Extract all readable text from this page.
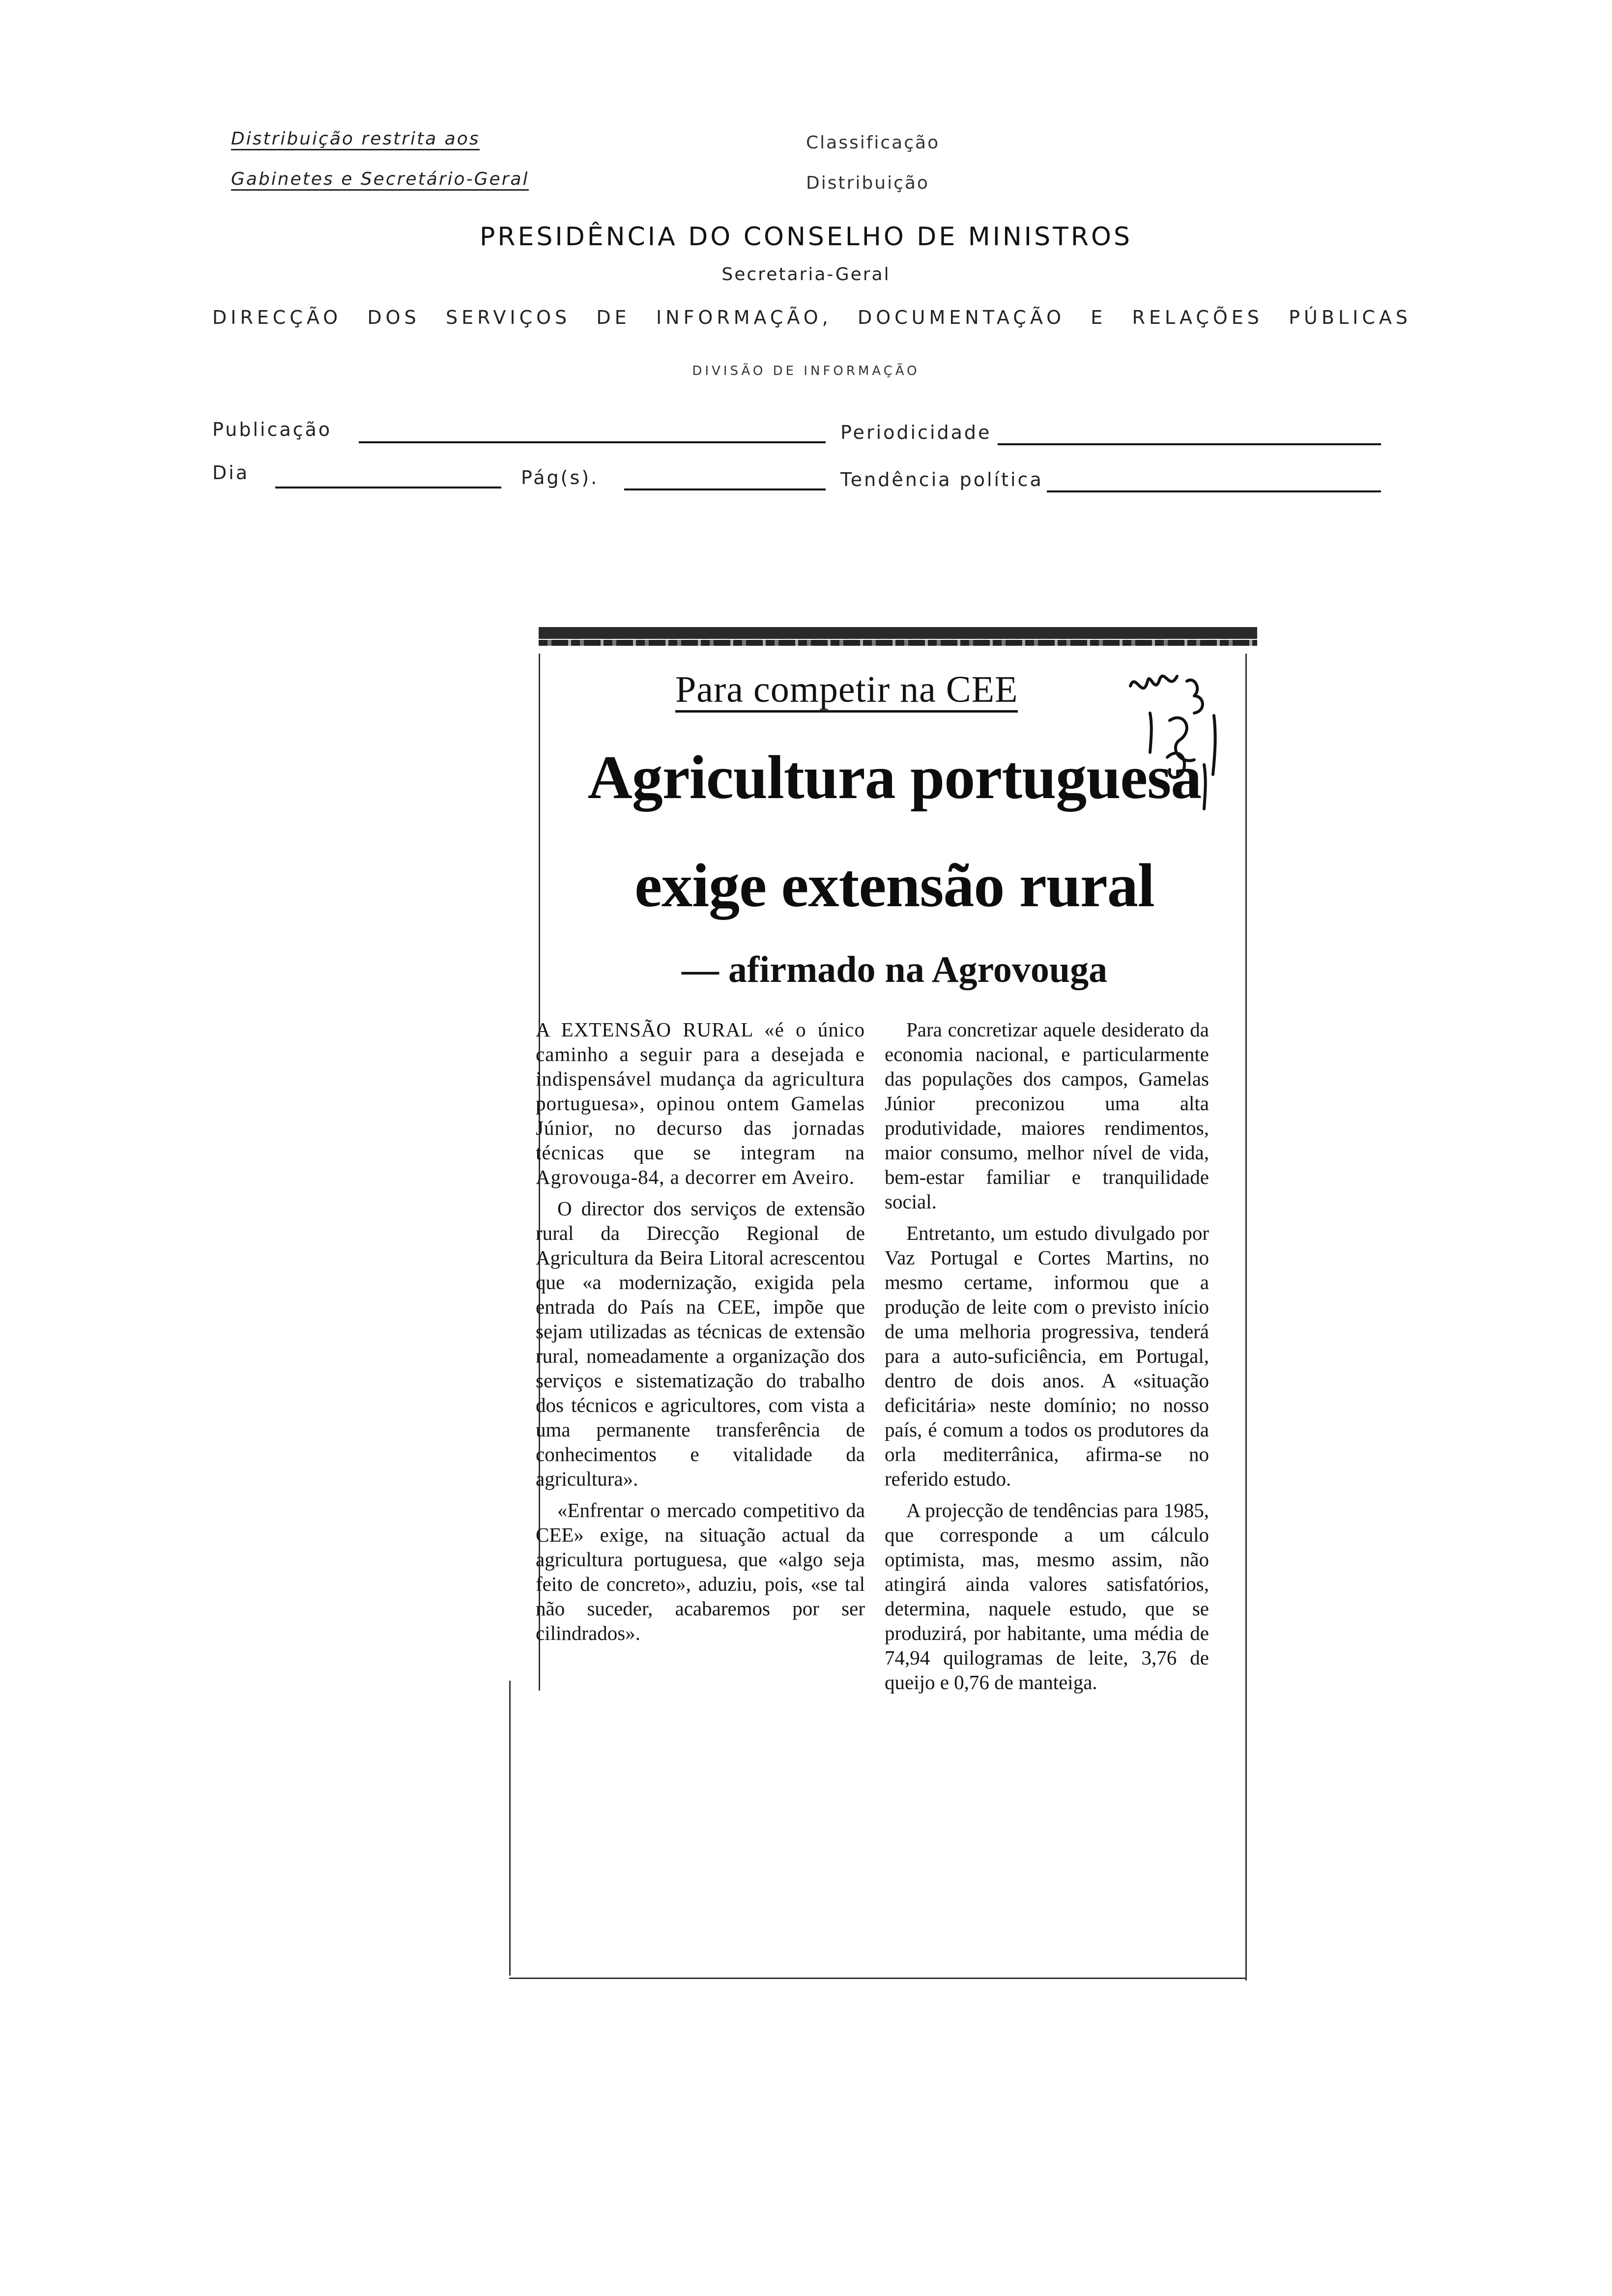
Distribuição restrita aos
Gabinetes e Secretário-Geral
Classificação
Distribuição
PRESIDÊNCIA DO CONSELHO DE MINISTROS
Secretaria-Geral
DIRECÇÃO DOS SERVIÇOS DE INFORMAÇÃO, DOCUMENTAÇÃO E RELAÇÕES PÚBLICAS
DIVISÃO DE INFORMAÇÃO
Publicação	Periodicidade
Dia	Pág(s).	Tendência política
Para competir na CEE
Agricultura portuguesa
exige extensão rural
— afirmado na Agrovouga

A EXTENSÃO RURAL «é o único caminho a seguir para a desejada e indispensável mudança da agricultura portuguesa», opinou ontem Gamelas Júnior, no decurso das jornadas técnicas que se integram na Agrovouga-84, a decorrer em Aveiro.

O director dos serviços de extensão rural da Direcção Regional de Agricultura da Beira Litoral acrescentou que «a modernização, exigida pela entrada do País na CEE, impõe que sejam utilizadas as técnicas de extensão rural, nomeadamente a organização dos serviços e sistematização do trabalho dos técnicos e agricultores, com vista a uma permanente transferência de conhecimentos e vitalidade da agricultura».

«Enfrentar o mercado competitivo da CEE» exige, na situação actual da agricultura portuguesa, que «algo seja feito de concreto», aduziu, pois, «se tal não suceder, acabaremos por ser cilindrados».

Para concretizar aquele desiderato da economia nacional, e particularmente das populações dos campos, Gamelas Júnior preconizou uma alta produtividade, maiores rendimentos, maior consumo, melhor nível de vida, bem-estar familiar e tranquilidade social.

Entretanto, um estudo divulgado por Vaz Portugal e Cortes Martins, no mesmo certame, informou que a produção de leite com o previsto início de uma melhoria progressiva, tenderá para a auto-suficiência, em Portugal, dentro de dois anos. A «situação deficitária» neste domínio; no nosso país, é comum a todos os produtores da orla mediterrânica, afirma-se no referido estudo.

A projecção de tendências para 1985, que corresponde a um cálculo optimista, mas, mesmo assim, não atingirá ainda valores satisfatórios, determina, naquele estudo, que se produzirá, por habitante, uma média de 74,94 quilogramas de leite, 3,76 de queijo e 0,76 de manteiga.
